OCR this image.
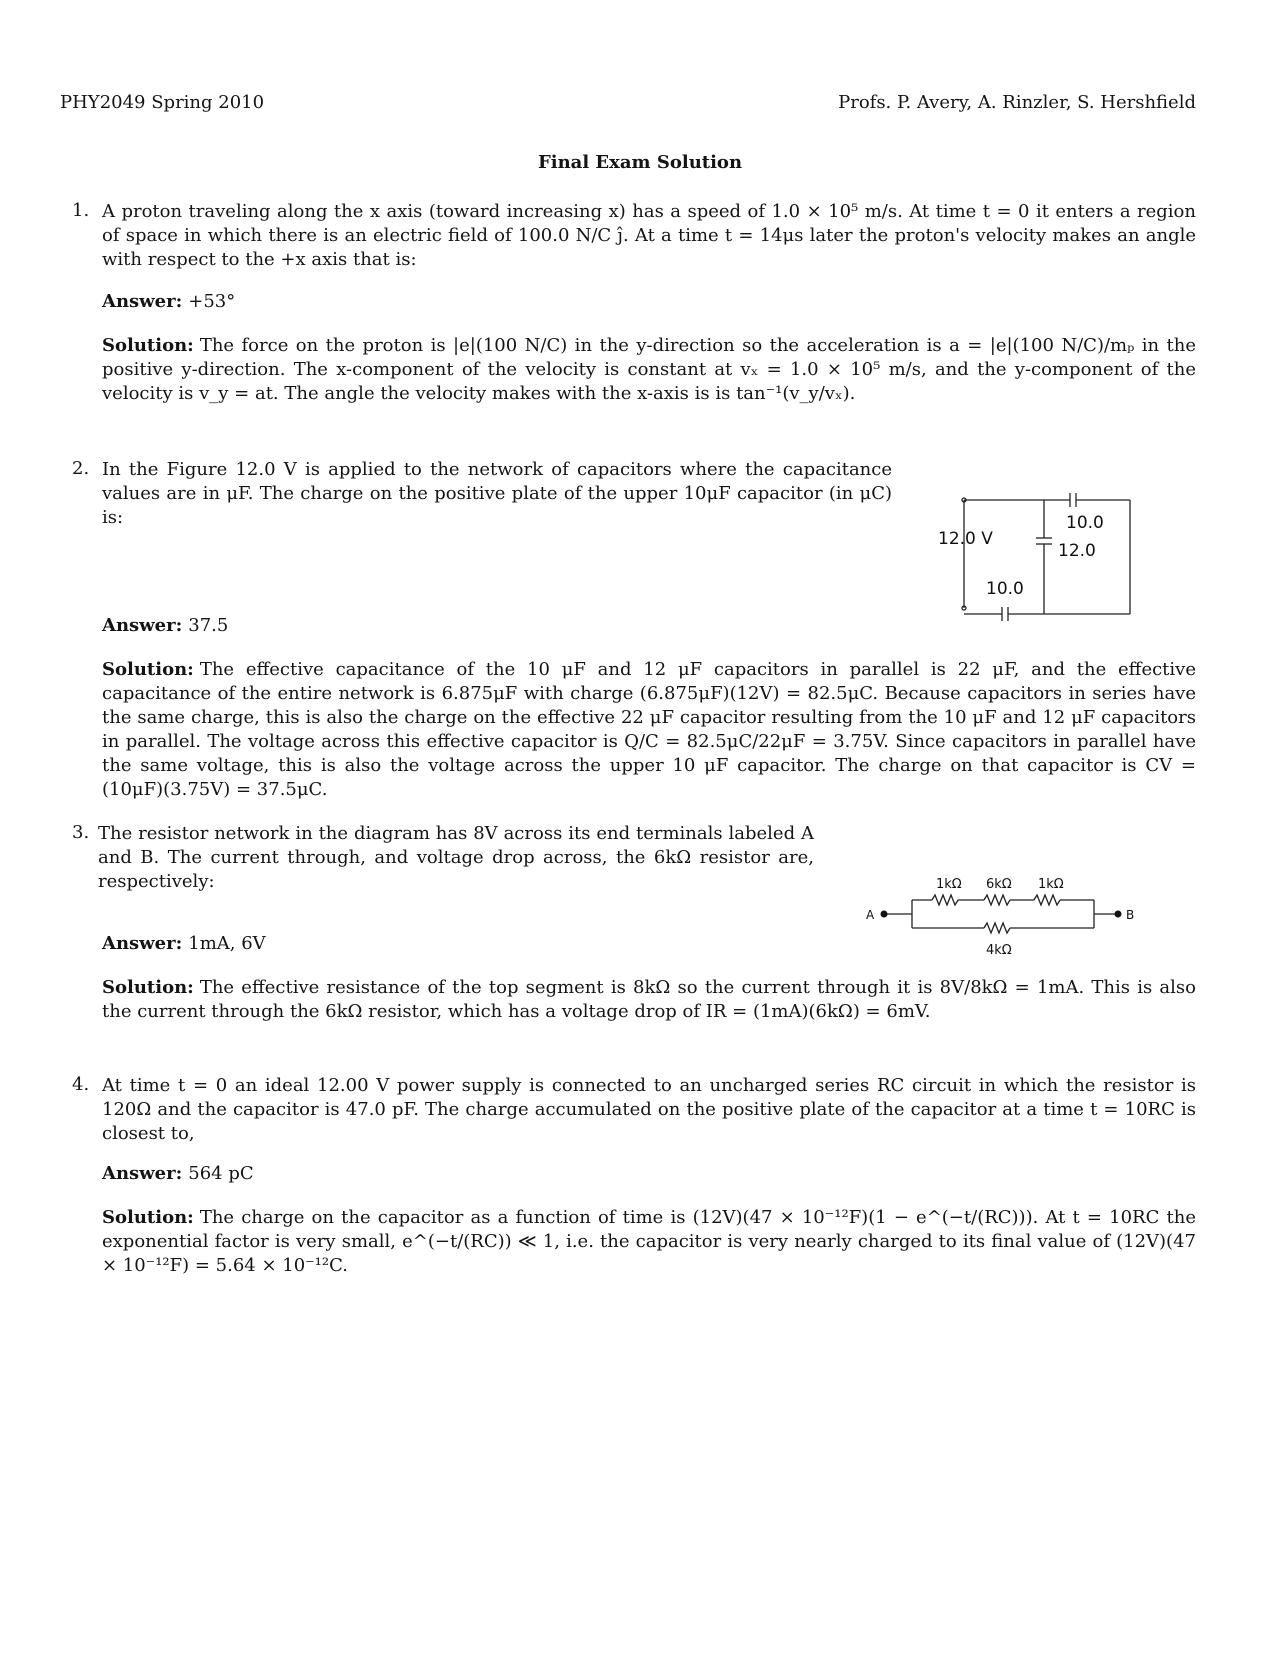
PHY2049 Spring 2010	Profs. P. Avery, A. Rinzler, S. Hershfield
Final Exam Solution
1. A proton traveling along the x axis (toward increasing x) has a speed of 1.0 × 10⁵ m/s. At time t = 0 it enters a region of space in which there is an electric field of 100.0 N/C ĵ. At a time t = 14μs later the proton's velocity makes an angle with respect to the +x axis that is:
Answer: +53°
Solution: The force on the proton is |e|(100 N/C) in the y-direction so the acceleration is a = |e|(100 N/C)/mₚ in the positive y-direction. The x-component of the velocity is constant at vₓ = 1.0 × 10⁵ m/s, and the y-component of the velocity is v_y = at. The angle the velocity makes with the x-axis is is tan⁻¹(v_y/vₓ).
2. In the Figure 12.0 V is applied to the network of capacitors where the capacitance values are in μF. The charge on the positive plate of the upper 10μF capacitor (in μC) is:
12.0 V
10.0
12.0
10.0
Answer: 37.5
Solution: The effective capacitance of the 10 μF and 12 μF capacitors in parallel is 22 μF, and the effective capacitance of the entire network is 6.875μF with charge (6.875μF)(12V) = 82.5μC. Because capacitors in series have the same charge, this is also the charge on the effective 22 μF capacitor resulting from the 10 μF and 12 μF capacitors in parallel. The voltage across this effective capacitor is Q/C = 82.5μC/22μF = 3.75V. Since capacitors in parallel have the same voltage, this is also the voltage across the upper 10 μF capacitor. The charge on that capacitor is CV = (10μF)(3.75V) = 37.5μC.
3. The resistor network in the diagram has 8V across its end terminals labeled A and B. The current through, and voltage drop across, the 6kΩ resistor are, respectively:	1kΩ 6kΩ 1kΩ
4kΩ
A	B
Answer: 1mA, 6V
Solution: The effective resistance of the top segment is 8kΩ so the current through it is 8V/8kΩ = 1mA. This is also the current through the 6kΩ resistor, which has a voltage drop of IR = (1mA)(6kΩ) = 6mV.
4. At time t = 0 an ideal 12.00 V power supply is connected to an uncharged series RC circuit in which the resistor is 120Ω and the capacitor is 47.0 pF. The charge accumulated on the positive plate of the capacitor at a time t = 10RC is closest to,
Answer: 564 pC
Solution: The charge on the capacitor as a function of time is (12V)(47 × 10⁻¹²F)(1 − e^(−t/(RC))). At t = 10RC the exponential factor is very small, e^(−t/(RC)) ≪ 1, i.e. the capacitor is very nearly charged to its final value of (12V)(47 × 10⁻¹²F) = 5.64 × 10⁻¹²C.
